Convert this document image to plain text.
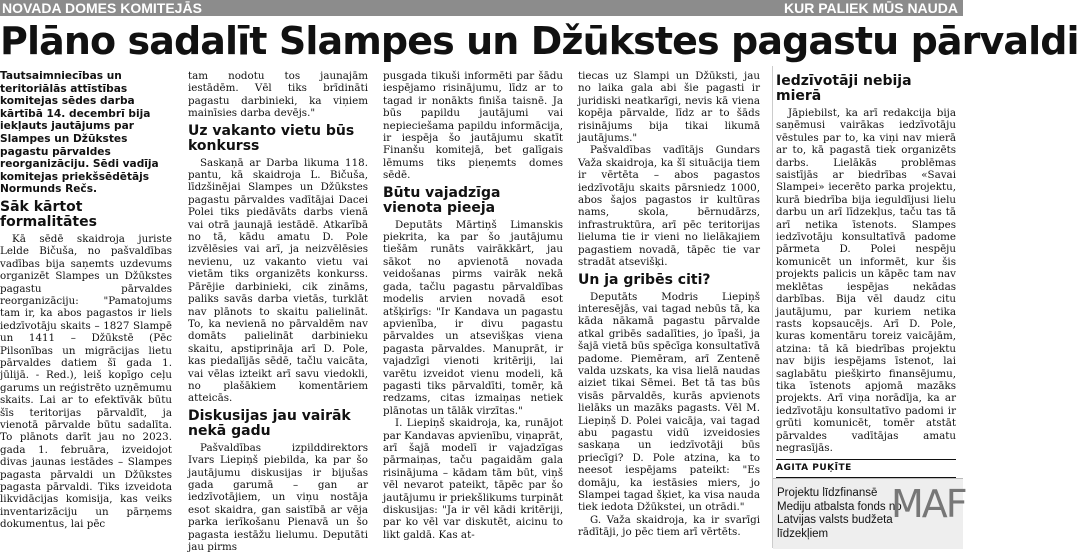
NOVADA DOMES KOMITEJĀS	KUR PALIEK MŪS NAUDA
Plāno sadalīt Slampes un Džūkstes pagastu pārvaldi

Tautsaimniecības un teritoriālās attīstības komitejas sēdes darba kārtībā 14. decembrī bija iekļauts jautājums par Slampes un Džūkstes pagastu pārvaldes reorganizāciju. Sēdi vadīja komitejas priekšsēdētājs Normunds Rečs.

Sāk kārtot formalitātes

Kā sēdē skaidroja juriste Lelde Bičuša, no pašvaldības vadības bija saņemts uzdevums organizēt Slampes un Džūkstes pagastu pārvaldes reorganizāciju: "Pamatojums tam ir, ka abos pagastos ir liels iedzīvotāju skaits – 1827 Slampē un 1411 – Džūkstē (Pēc Pilsonības un migrācijas lietu pārvaldes datiem šī gada 1. jūlijā. - Red.), leiš kopīgo ceļu garums un reģistrēto uzņēmumu skaits. Lai ar to efektīvāk būtu šīs teritorijas pārvaldīt, ja vienotā pārvalde būtu sadalīta. To plānots darīt jau no 2023. gada 1. februāra, izveidojot divas jaunas iestādes – Slampes pagasta pārvaldi un Džūkstes pagasta pārvaldi. Tiks izveidota likvidācijas komisija, kas veiks inventarizāciju un pārņems dokumentus, lai pēc

tam nodotu tos jaunajām iestādēm. Vēl tiks brīdināti pagastu darbinieki, ka viņiem mainīsies darba devējs."

Uz vakanto vietu būs konkurss

Saskaņā ar Darba likuma 118. pantu, kā skaidroja L. Bičuša, līdzšinējai Slampes un Džūkstes pagastu pārvaldes vadītājai Dacei Polei tiks piedāvāts darbs vienā vai otrā jaunajā iestādē. Atkarībā no tā, kādu amatu D. Pole izvēlēsies vai arī, ja neizvēlēsies nevienu, uz vakanto vietu vai vietām tiks organizēts konkurss. Pārējie darbinieki, cik zināms, paliks savās darba vietās, turklāt nav plānots to skaitu palielināt. To, ka nevienā no pārvaldēm nav domāts palielināt darbinieku skaitu, apstiprināja arī D. Pole, kas piedalījās sēdē, tačlu vaicāta, vai vēlas izteikt arī savu viedokli, no plašākiem komentāriem atteicās.

Diskusijas jau vairāk nekā gadu

Pašvaldības izpilddirektors Ivars Liepiņš piebilda, ka par šo jautājumu diskusijas ir bijušas gada garumā – gan ar iedzīvotājiem, un viņu nostāja esot skaidra, gan saistībā ar vēja parka ierīkošanu Pienavā un šo pagasta iestāžu lielumu. Deputāti jau pirms

pusgada tikuši informēti par šādu iespējamo risinājumu, līdz ar to tagad ir nonākts finiša taisnē. Ja būs papildu jautājumi vai nepieciešama papildu informācija, ir iespēja šo jautājumu skatīt Finanšu komitejā, bet galīgais lēmums tiks pieņemts domes sēdē.

Būtu vajadzīga vienota pieeja

Deputāts Mārtiņš Limanskis piekrita, ka par šo jautājumu tiešām runāts vairākkārt, jau sākot no apvienotā novada veidošanas pirms vairāk nekā gada, tačlu pagastu pārvaldības modelis arvien novadā esot atšķirīgs: "Ir Kandava un pagastu apvienība, ir divu pagastu pārvaldes un atsevišķas viena pagasta pārvaldes. Manuprāt, ir vajadzīgi vienoti kritēriji, lai varētu izveidot vienu modeli, kā pagasti tiks pārvaldīti, tomēr, kā redzams, citas izmaiņas netiek plānotas un tālāk virzītas."

I. Liepiņš skaidroja, ka, runājot par Kandavas apvienību, viņaprāt, arī šajā modelī ir vajadzīgas pārmaiņas, taču pagaidām gala risinājuma – kādam tām būt, viņš vēl nevarot pateikt, tāpēc par šo jautājumu ir priekšlikums turpināt diskusijas: "Ja ir vēl kādi kritēriji, par ko vēl var diskutēt, aicinu to likt galdā. Kas at-

tiecas uz Slampi un Džūksti, jau no laika gala abi šie pagasti ir juridiski neatkarīgi, nevis kā viena kopēja pārvalde, līdz ar to šāds risinājums bija tikai likumā jautājums."

Pašvaldības vadītājs Gundars Važa skaidroja, ka šī situācija tiem ir vērtēta – abos pagastos iedzīvotāju skaits pārsniedz 1000, abos šajos pagastos ir kultūras nams, skola, bērnudārzs, infrastruktūra, arī pēc teritorijas lieluma tie ir vieni no lielākajiem pagastiem novadā, tāpēc tie var stradāt atsevišķi.

Un ja gribēs citi?

Deputāts Modris Liepiņš interesējās, vai tagad nebūs tā, ka kāda nākamā pagastu pārvalde atkal gribēs sadalīties, jo īpaši, ja šajā vietā būs spēcīga konsultatīvā padome. Piemēram, arī Zentenē valda uzskats, ka visa lielā naudas aiziet tikai Sēmei. Bet tā tas būs visās pārvaldēs, kurās apvienots lielāks un mazāks pagasts. Vēl M. Liepiņš D. Polei vaicāja, vai tagad abu pagastu vidū izveidosies saskaņa un iedzīvotāji būs priecīgi? D. Pole atzina, ka to neesot iespējams pateikt: "Es domāju, ka iestāsies miers, jo Slampei tagad šķiet, ka visa nauda tiek iedota Džūkstei, un otrādi."

G. Važa skaidroja, ka ir svarīgi rādītāji, jo pēc tiem arī vērtēts.

Iedzīvotāji nebija mierā

Jāpiebilst, ka arī redakcija bija saņēmusi vairākas iedzīvotāju vēstules par to, ka viņi nav mierā ar to, kā pagastā tiek organizēts darbs. Lielākās problēmas saistījās ar biedrības «Savai Slampei» iecerēto parka projektu, kurā biedrība bija ieguldījusi lielu darbu un arī līdzekļus, taču tas tā arī netika īstenots. Slampes iedzīvotāju konsultatīvā padome pārmeta D. Polei nespēju komunicēt un informēt, kur šis projekts palicis un kāpēc tam nav meklētas iespējas nekādas darbības. Bija vēl daudz citu jautājumu, par kuriem netika rasts kopsaucējs. Arī D. Pole, kuras komentāru toreiz vaicājām, atzina: tā kā biedrības projektu nav bijis iespējams īstenot, lai saglabātu piešķirto finansējumu, tika īstenots apjomā mazāks projekts. Arī viņa norādīja, ka ar iedzīvotāju konsultatīvo padomi ir grūti komunicēt, tomēr atstāt pārvaldes vadītājas amatu negrasījās.

AGITA PUĶĪTE
Projektu līdzfinansē Mediju atbalsta fonds no Latvijas valsts budžeta līdzekļiem
MAF
